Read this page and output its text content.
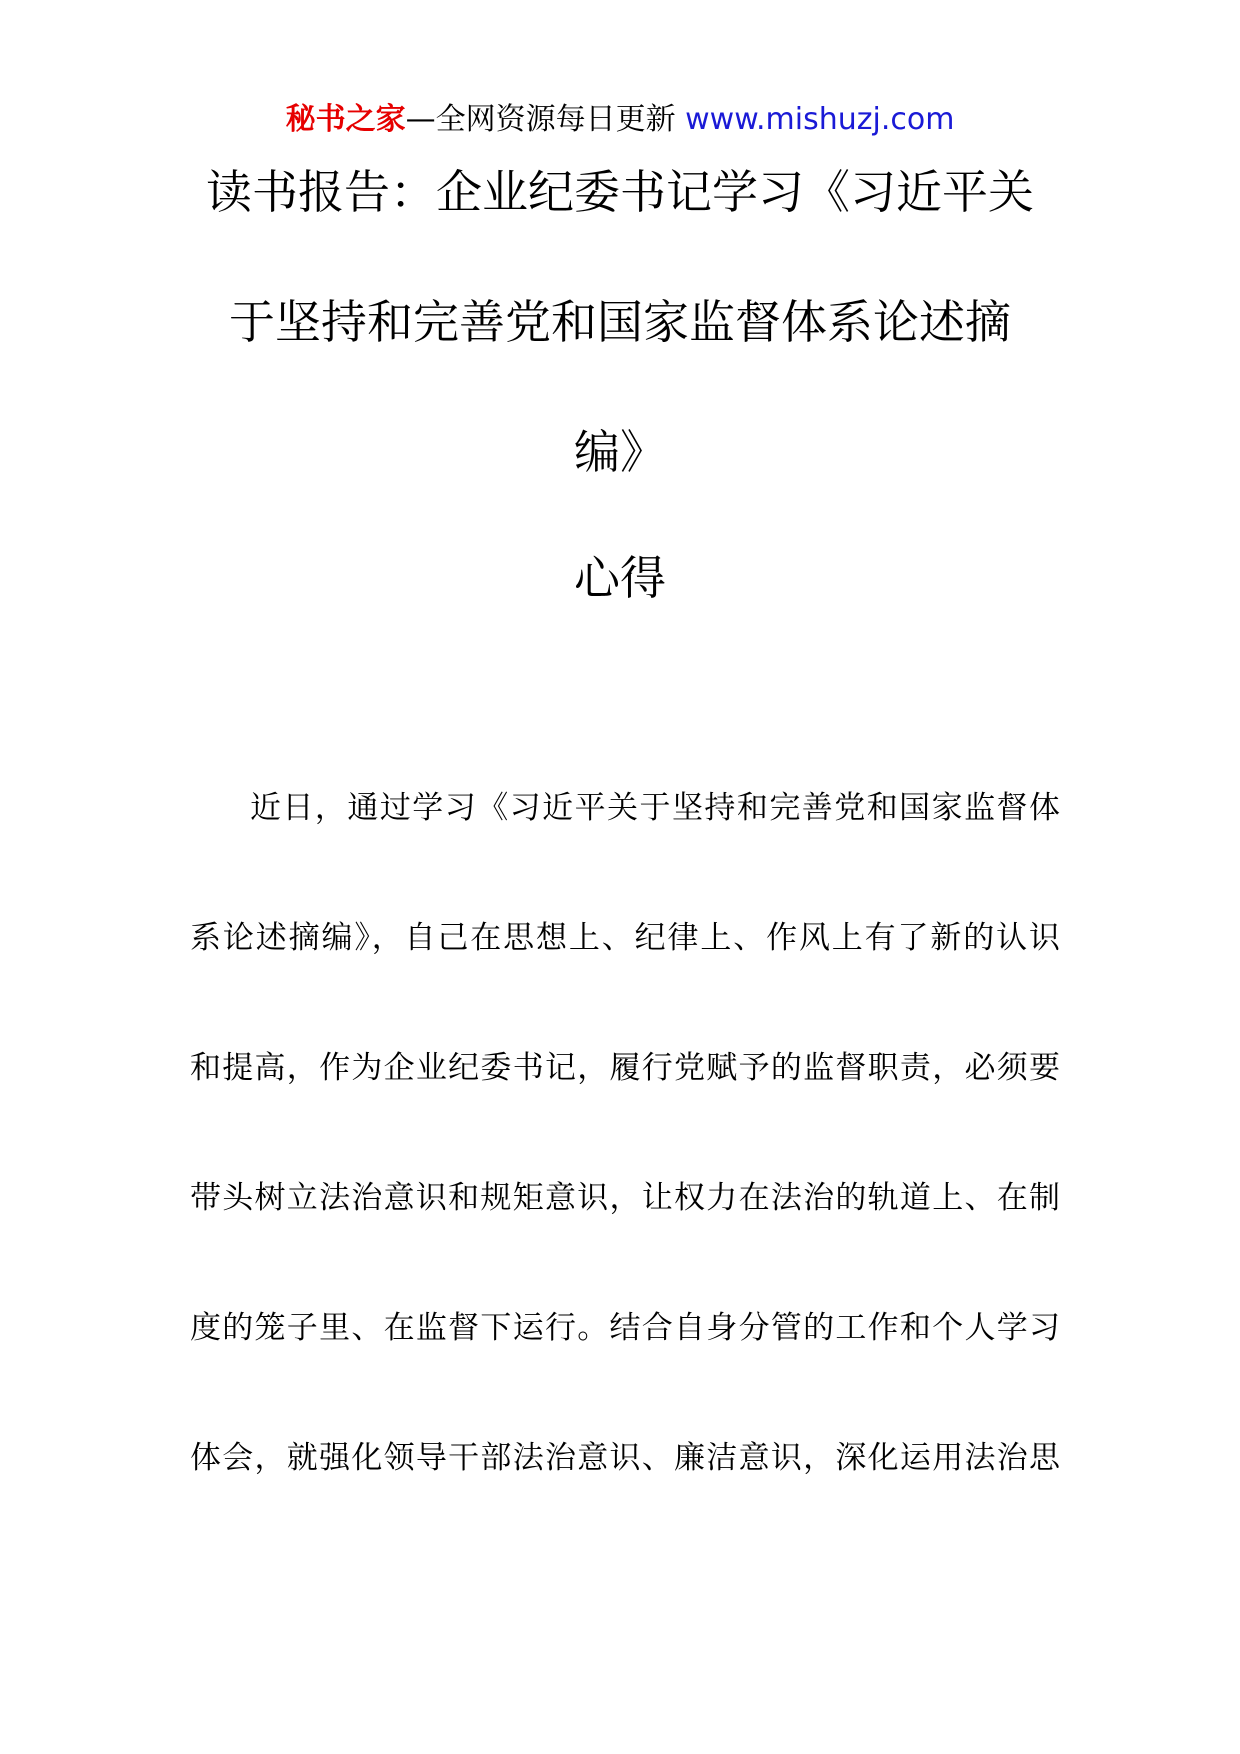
秘书之家—全网资源每日更新 www.mishuzj.com
读书报告：企业纪委书记学习《习近平关
于坚持和完善党和国家监督体系论述摘
编》
心得
近日，通过学习《习近平关于坚持和完善党和国家监督体
系论述摘编》，自己在思想上、纪律上、作风上有了新的认识
和提高，作为企业纪委书记，履行党赋予的监督职责，必须要
带头树立法治意识和规矩意识，让权力在法治的轨道上、在制
度的笼子里、在监督下运行。结合自身分管的工作和个人学习
体会，就强化领导干部法治意识、廉洁意识，深化运用法治思
